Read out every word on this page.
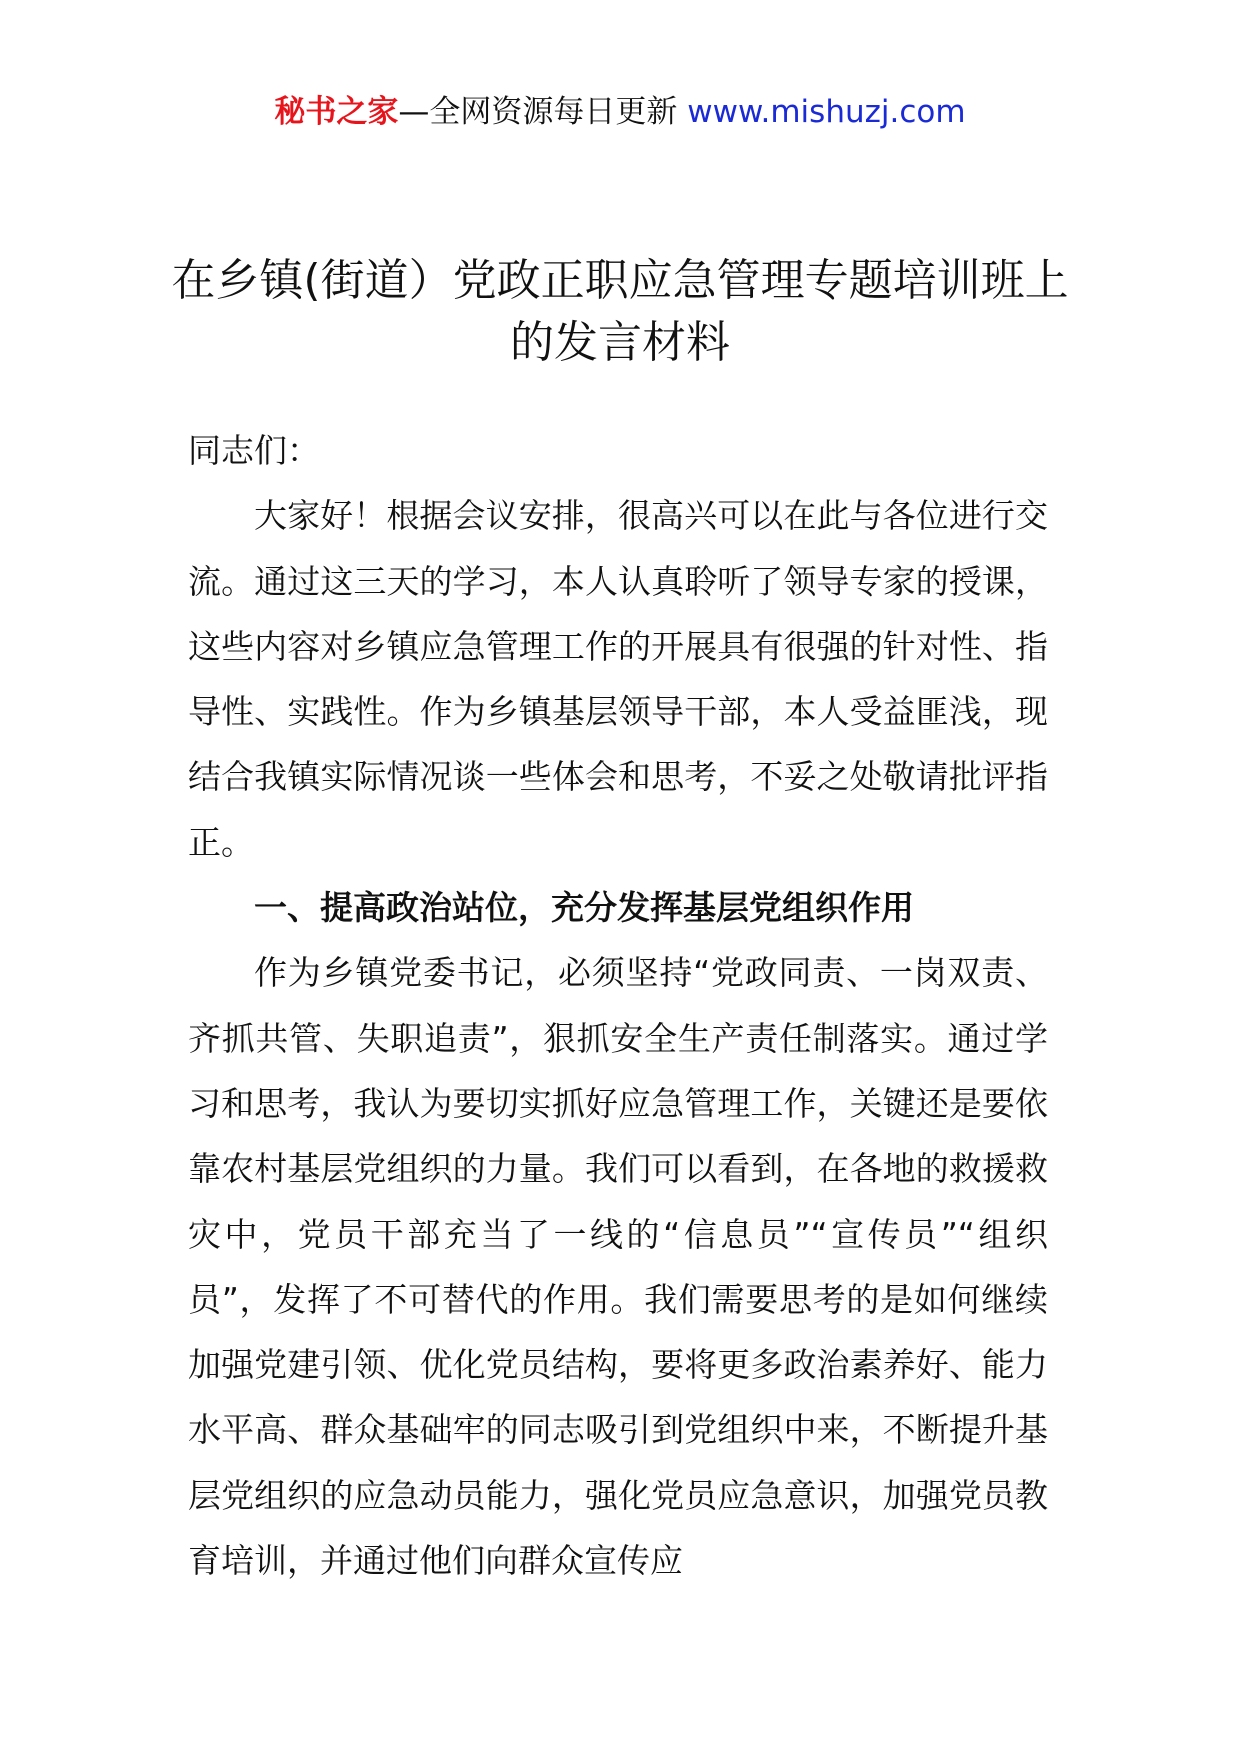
秘书之家—全网资源每日更新 www.mishuzj.com
在乡镇(街道）党政正职应急管理专题培训班上的发言材料

同志们：

大家好！根据会议安排，很高兴可以在此与各位进行交流。通过这三天的学习，本人认真聆听了领导专家的授课，这些内容对乡镇应急管理工作的开展具有很强的针对性、指导性、实践性。作为乡镇基层领导干部，本人受益匪浅，现结合我镇实际情况谈一些体会和思考，不妥之处敬请批评指正。

一、提高政治站位，充分发挥基层党组织作用

作为乡镇党委书记，必须坚持“党政同责、一岗双责、齐抓共管、失职追责”，狠抓安全生产责任制落实。通过学习和思考，我认为要切实抓好应急管理工作，关键还是要依靠农村基层党组织的力量。我们可以看到，在各地的救援救灾中，党员干部充当了一线的“信息员”“宣传员”“组织员”，发挥了不可替代的作用。我们需要思考的是如何继续加强党建引领、优化党员结构，要将更多政治素养好、能力水平高、群众基础牢的同志吸引到党组织中来，不断提升基层党组织的应急动员能力，强化党员应急意识，加强党员教育培训，并通过他们向群众宣传应
